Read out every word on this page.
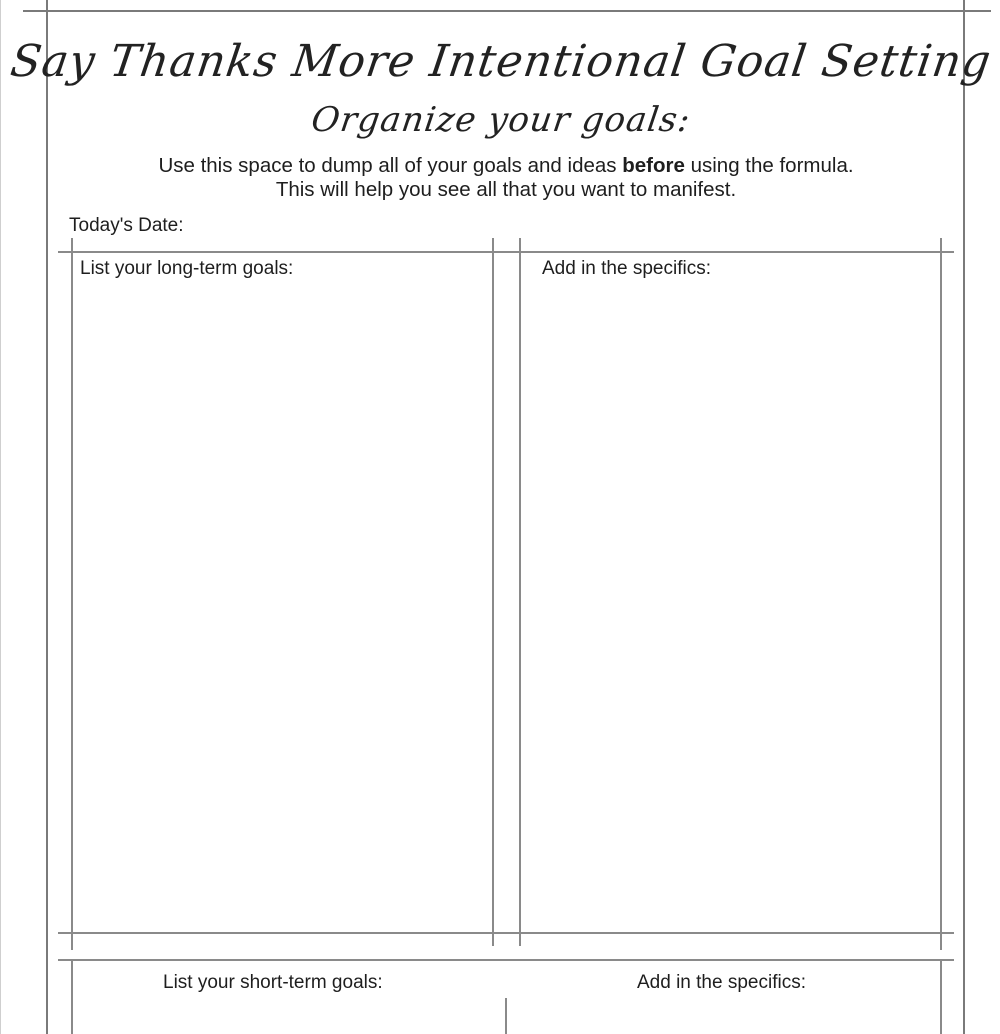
Say Thanks More Intentional Goal Setting
Organize your goals:
Use this space to dump all of your goals and ideas before using the formula. This will help you see all that you want to manifest.
Today's Date:
List your long-term goals:	Add in the specifics:
List your short-term goals:	Add in the specifics:
